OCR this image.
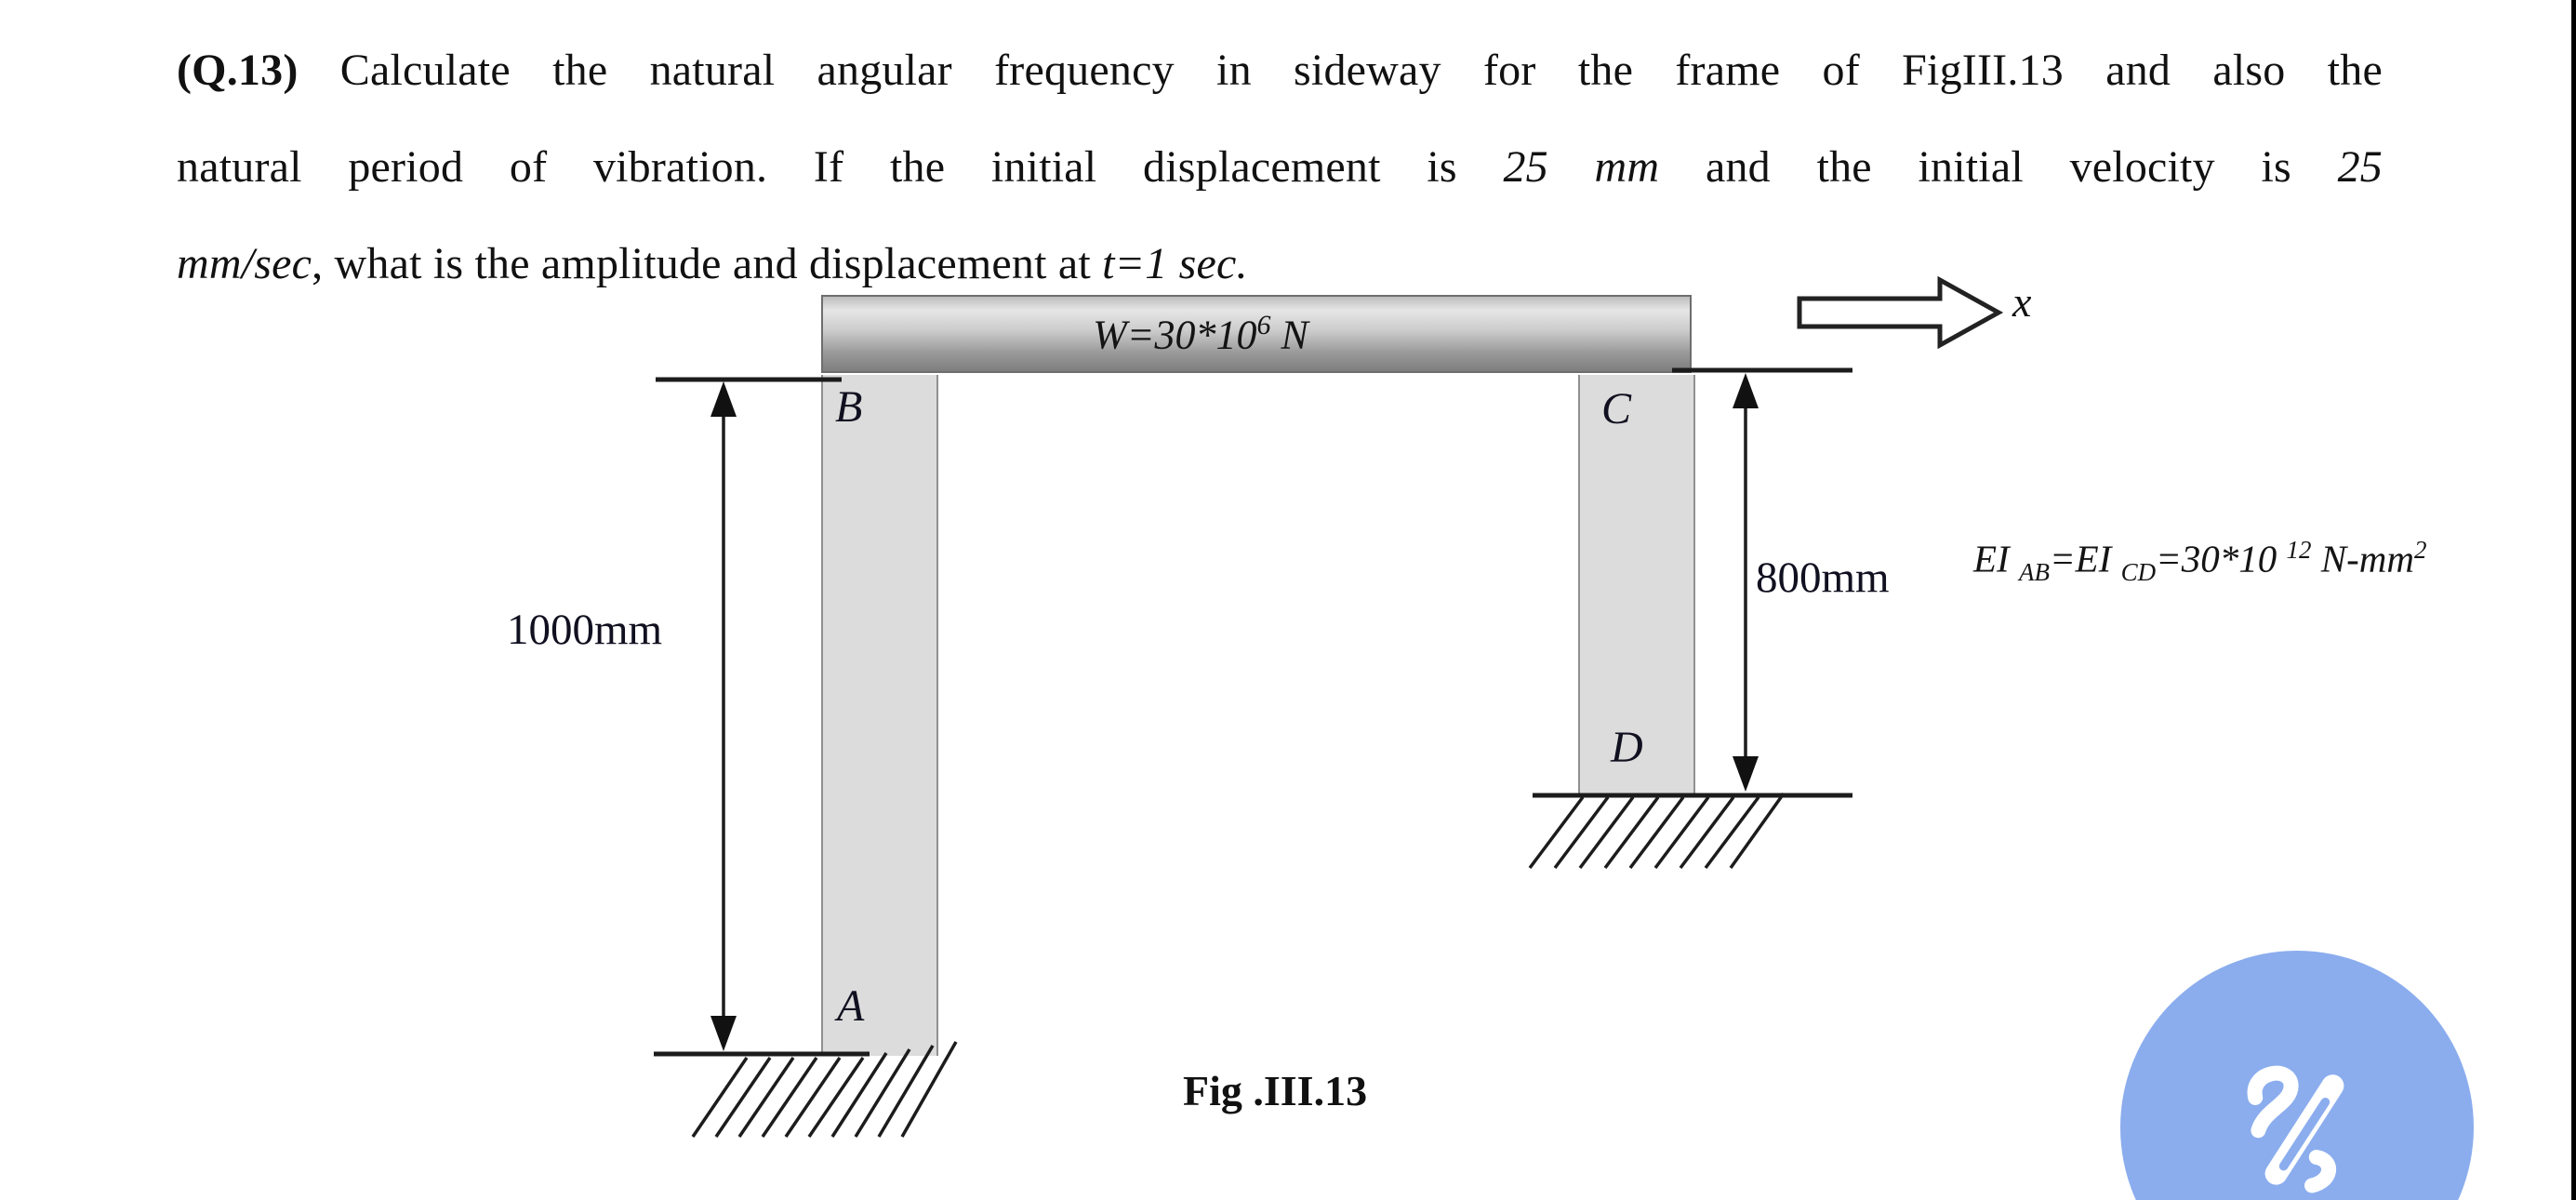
(Q.13) Calculate the natural angular frequency in sideway for the frame of FigIII.13 and also the
natural period of vibration. If the initial displacement is 25 mm and the initial velocity is 25
mm/sec, what is the amplitude and displacement at t=1 sec.
$W=30*10^6$ N
B	C
D
A
1000mm
800mm
x
EI $_{AB}$=EI $_{CD}$=30*10 $^{12}$ $N-mm^2$
Fig .III.13
